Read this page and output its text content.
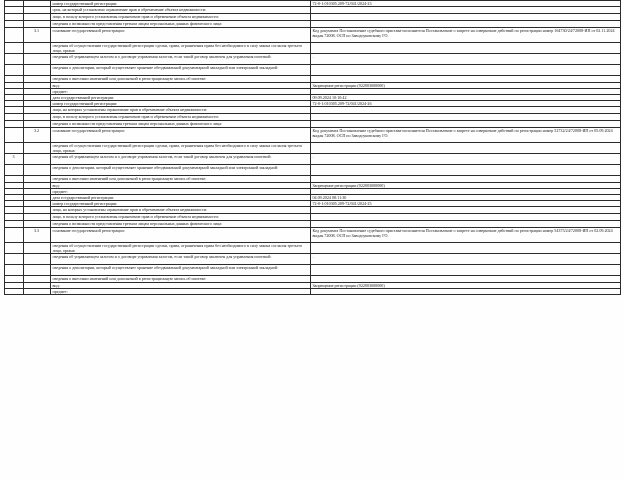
		номер государственной регистрации:	72-0-1:010305.209-72/041/2024-23
		срок, на который установлено ограничение прав и обременение объекта недвижимости:	
		лицо, в пользу которого установлены ограничение прав и обременение объекта недвижимости:	
		сведения о возможности представления третьим лицам персональных данных физического лица:	
	3.1	основание государственной регистрации:	Код документа Постановление судебного пристава-исполнителя Постановление о запрете на совершение действий по регистрации номер 164730/24/72008-ИП от 02.11.2024 выдан 72008, ОСП по Заводоуковскому ГО.
		сведения об осуществлении государственной регистрации сделки, права, ограничения права без необходимого в силу закона согласия третьего лица, органа:	
		сведения об управляющем залогом и о договоре управления залогом, если такой договор заключен для управления ипотекой:	.
		сведения о депозитарии, который осуществляет хранение обездвиженной документарной закладной или электронной закладной:	
		сведения о внесении изменений или дополнений в регистрационную запись об ипотеке:	
		вид:	Запрещение регистрации (022003000000)
		предмет:	
		дата государственной регистрации:	09.09.2024 10:10:42
		номер государственной регистрации:	72-0-1:010305.209-72/041/2024-26
		лица, на которых установлены ограничение прав и обременение объекта недвижимости:	
		лицо, в пользу которого установлены ограничение прав и обременение объекта недвижимости:	
		сведения о возможности представления третьим лицам персональных данных физического лица:	
	3.2	основание государственной регистрации:	Код документа Постановление судебного пристава-исполнителя Постановление о запрете на совершение действий по регистрации номер 52732/24/72008-ИП от 05.09.2024 выдан 72008, ОСП по Заводоуковскому ГО.
		сведения об осуществлении государственной регистрации сделки, права, ограничения права без необходимого в силу закона согласия третьего лица, органа:	
3		сведения об управляющем залогом и о договоре управления залогом, если такой договор заключен для управления ипотекой:	.
		сведения о депозитарии, который осуществляет хранение обездвиженной документарной закладной или электронной закладной:	
		сведения о внесении изменений или дополнений в регистрационную запись об ипотеке:	
		вид:	Запрещение регистрации (022003000000)
		предмет:	
		дата государственной регистрации:	04.09.2024 08:11:30
		номер государственной регистрации:	72-0-1:010305.209-72/041/2024-25
		лица, на которых установлены ограничение прав и обременение объекта недвижимости:	
		лицо, в пользу которого установлены ограничение прав и обременение объекта недвижимости:	
		сведения о возможности представления третьим лицам персональных данных физического лица:	
	3.3	основание государственной регистрации:	Код документа Постановление судебного пристава-исполнителя Постановление о запрете на совершение действий по регистрации номер 54375/24/72008-ИП от 02.09.2024 выдан 72008, ОСП по Заводоуковскому ГО.
		сведения об осуществлении государственной регистрации сделки, права, ограничения права без необходимого в силу закона согласия третьего лица, органа:	
		сведения об управляющем залогом и о договоре управления залогом, если такой договор заключен для управления ипотекой:	.
		сведения о депозитарии, который осуществляет хранение обездвиженной документарной закладной или электронной закладной:	
		сведения о внесении изменений или дополнений в регистрационную запись об ипотеке:	
		вид:	Запрещение регистрации (022003000000)
		предмет:	
